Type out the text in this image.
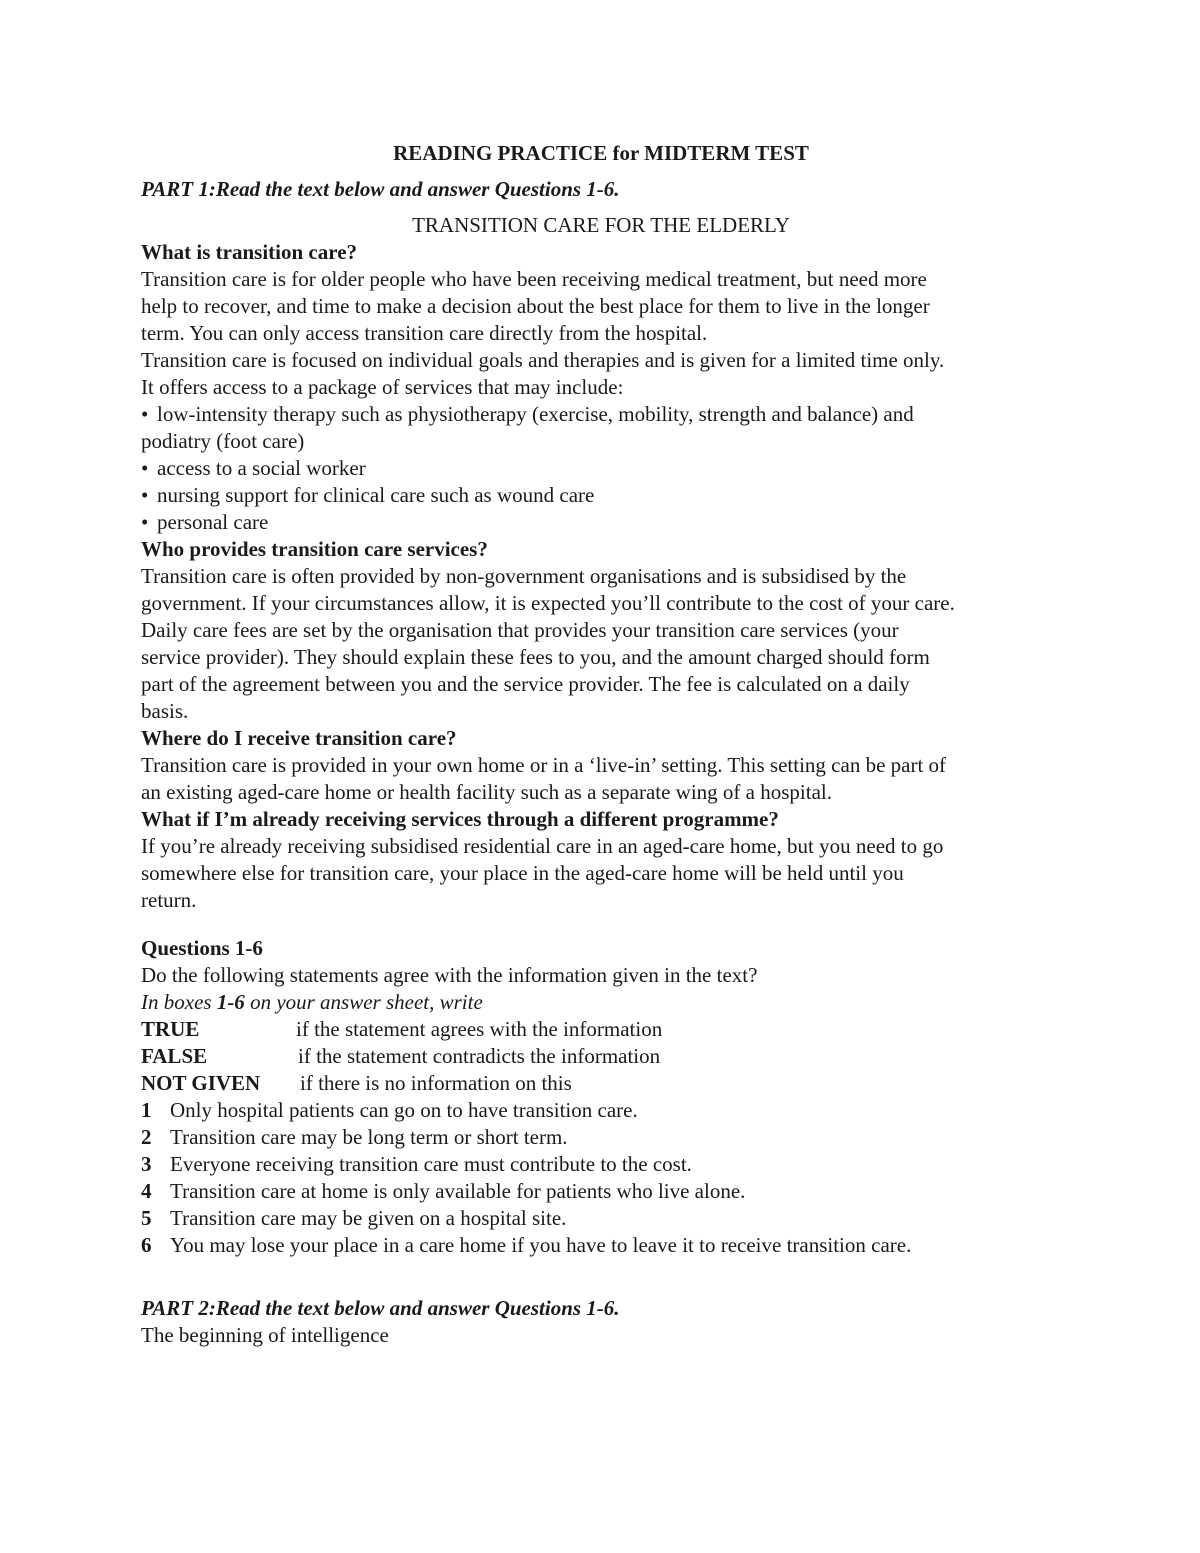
READING PRACTICE for MIDTERM TEST
PART 1:Read the text below and answer Questions 1-6.
TRANSITION CARE FOR THE ELDERLY
What is transition care?
Transition care is for older people who have been receiving medical treatment, but need more
help to recover, and time to make a decision about the best place for them to live in the longer
term. You can only access transition care directly from the hospital.
Transition care is focused on individual goals and therapies and is given for a limited time only.
It offers access to a package of services that may include:
• low-intensity therapy such as physiotherapy (exercise, mobility, strength and balance) and
podiatry (foot care)
• access to a social worker
• nursing support for clinical care such as wound care
• personal care
Who provides transition care services?
Transition care is often provided by non-government organisations and is subsidised by the
government. If your circumstances allow, it is expected you’ll contribute to the cost of your care.
Daily care fees are set by the organisation that provides your transition care services (your
service provider). They should explain these fees to you, and the amount charged should form
part of the agreement between you and the service provider. The fee is calculated on a daily
basis.
Where do I receive transition care?
Transition care is provided in your own home or in a ‘live-in’ setting. This setting can be part of
an existing aged-care home or health facility such as a separate wing of a hospital.
What if I’m already receiving services through a different programme?
If you’re already receiving subsidised residential care in an aged-care home, but you need to go
somewhere else for transition care, your place in the aged-care home will be held until you
return.
Questions 1-6
Do the following statements agree with the information given in the text?
In boxes 1-6 on your answer sheet, write
TRUE	if the statement agrees with the information
FALSE	if the statement contradicts the information
NOT GIVEN if there is no information on this
1 Only hospital patients can go on to have transition care.
2 Transition care may be long term or short term.
3 Everyone receiving transition care must contribute to the cost.
4 Transition care at home is only available for patients who live alone.
5 Transition care may be given on a hospital site.
6 You may lose your place in a care home if you have to leave it to receive transition care.
PART 2:Read the text below and answer Questions 1-6.
The beginning of intelligence
